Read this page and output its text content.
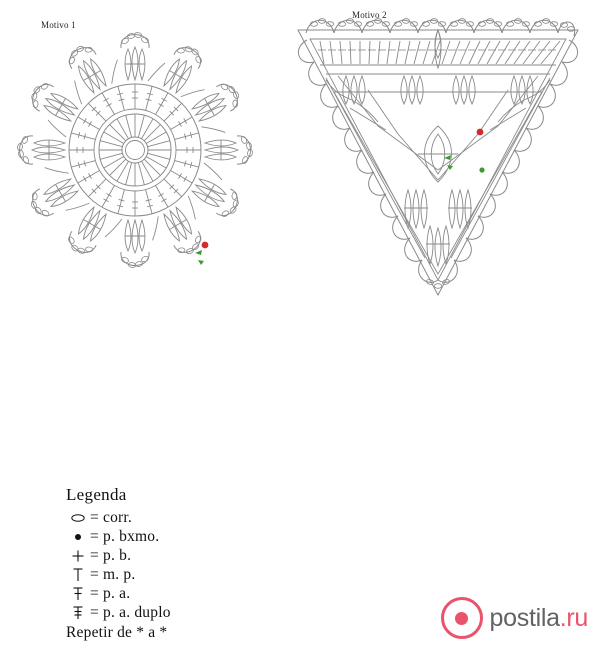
Motivo 1
Motivo 2
Legenda
= corr.
= p. bxmo.
= p. b.
= m. p.
= p. a.
= p. a. duplo
Repetir de * a *
postila.ru
